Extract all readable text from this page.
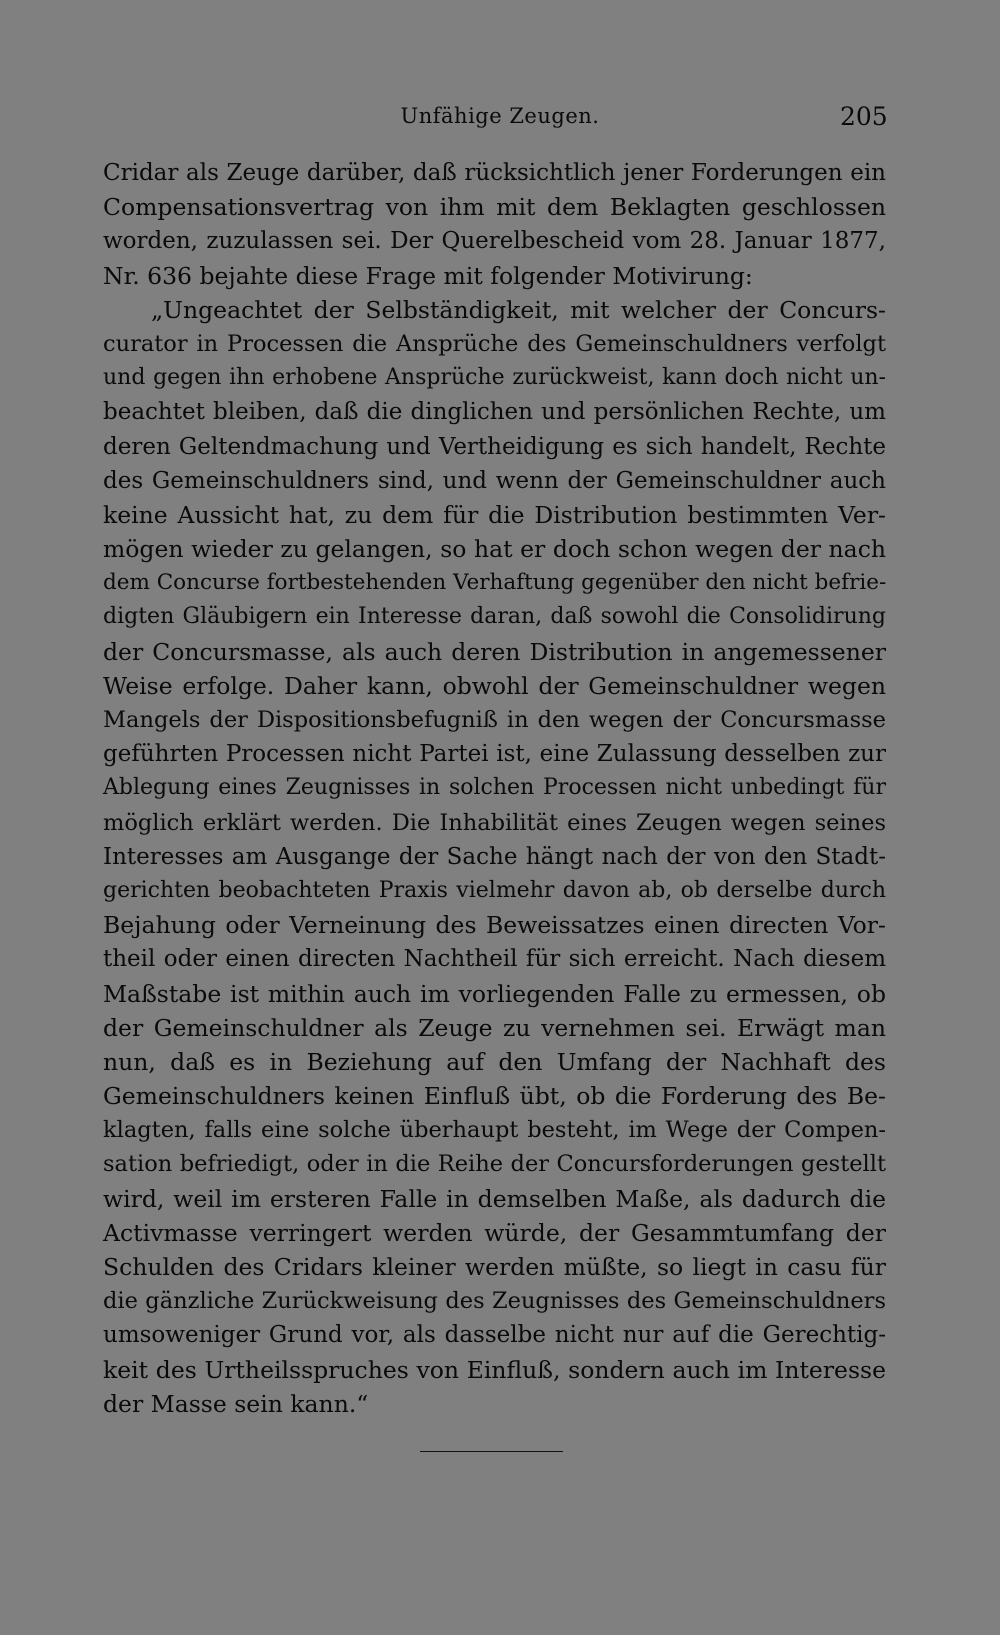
Unfähige Zeugen.	205
Cridar als Zeuge darüber, daß rücksichtlich jener Forderungen ein
Compensationsvertrag von ihm mit dem Beklagten geschlossen
worden, zuzulassen sei. Der Querelbescheid vom 28. Januar 1877,
Nr. 636 bejahte diese Frage mit folgender Motivirung:
„Ungeachtet der Selbständigkeit, mit welcher der Concurs-
curator in Processen die Ansprüche des Gemeinschuldners verfolgt
und gegen ihn erhobene Ansprüche zurückweist, kann doch nicht un-
beachtet bleiben, daß die dinglichen und persönlichen Rechte, um
deren Geltendmachung und Vertheidigung es sich handelt, Rechte
des Gemeinschuldners sind, und wenn der Gemeinschuldner auch
keine Aussicht hat, zu dem für die Distribution bestimmten Ver-
mögen wieder zu gelangen, so hat er doch schon wegen der nach
dem Concurse fortbestehenden Verhaftung gegenüber den nicht befrie-
digten Gläubigern ein Interesse daran, daß sowohl die Consolidirung
der Concursmasse, als auch deren Distribution in angemessener
Weise erfolge. Daher kann, obwohl der Gemeinschuldner wegen
Mangels der Dispositionsbefugniß in den wegen der Concursmasse
geführten Processen nicht Partei ist, eine Zulassung desselben zur
Ablegung eines Zeugnisses in solchen Processen nicht unbedingt für
möglich erklärt werden. Die Inhabilität eines Zeugen wegen seines
Interesses am Ausgange der Sache hängt nach der von den Stadt-
gerichten beobachteten Praxis vielmehr davon ab, ob derselbe durch
Bejahung oder Verneinung des Beweissatzes einen directen Vor-
theil oder einen directen Nachtheil für sich erreicht. Nach diesem
Maßstabe ist mithin auch im vorliegenden Falle zu ermessen, ob
der Gemeinschuldner als Zeuge zu vernehmen sei. Erwägt man
nun, daß es in Beziehung auf den Umfang der Nachhaft des
Gemeinschuldners keinen Einfluß übt, ob die Forderung des Be-
klagten, falls eine solche überhaupt besteht, im Wege der Compen-
sation befriedigt, oder in die Reihe der Concursforderungen gestellt
wird, weil im ersteren Falle in demselben Maße, als dadurch die
Activmasse verringert werden würde, der Gesammtumfang der
Schulden des Cridars kleiner werden müßte, so liegt in casu für
die gänzliche Zurückweisung des Zeugnisses des Gemeinschuldners
umsoweniger Grund vor, als dasselbe nicht nur auf die Gerechtig-
keit des Urtheilsspruches von Einfluß, sondern auch im Interesse
der Masse sein kann.“
